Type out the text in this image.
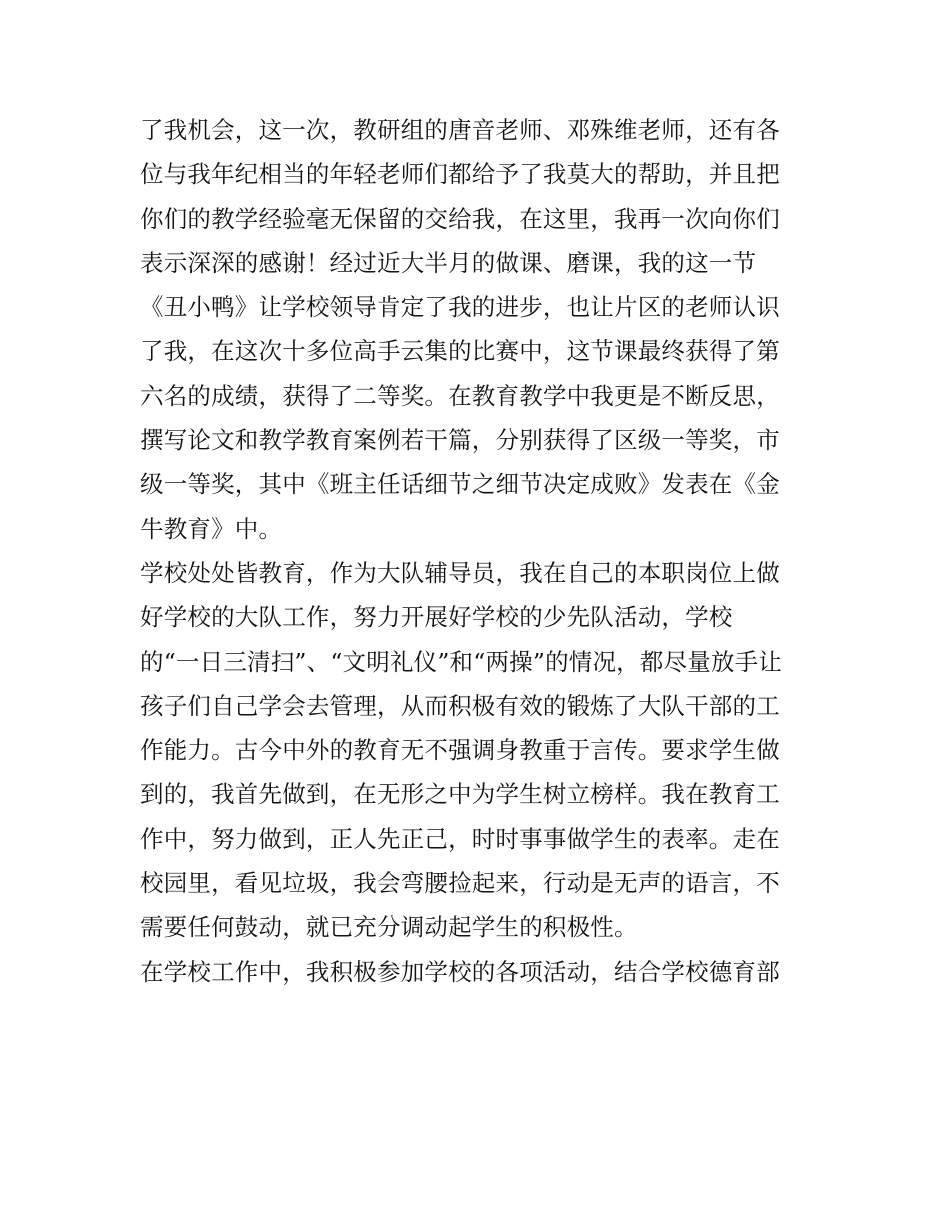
了我机会，这一次，教研组的唐音老师、邓殊维老师，还有各
位与我年纪相当的年轻老师们都给予了我莫大的帮助，并且把
你们的教学经验毫无保留的交给我，在这里，我再一次向你们
表示深深的感谢！经过近大半月的做课、磨课，我的这一节
《丑小鸭》让学校领导肯定了我的进步，也让片区的老师认识
了我，在这次十多位高手云集的比赛中，这节课最终获得了第
六名的成绩，获得了二等奖。在教育教学中我更是不断反思，
撰写论文和教学教育案例若干篇，分别获得了区级一等奖，市
级一等奖，其中《班主任话细节之细节决定成败》发表在《金
牛教育》中。
学校处处皆教育，作为大队辅导员，我在自己的本职岗位上做
好学校的大队工作，努力开展好学校的少先队活动，学校
的“一日三清扫”、“文明礼仪”和“两操”的情况，都尽量放手让
孩子们自己学会去管理，从而积极有效的锻炼了大队干部的工
作能力。古今中外的教育无不强调身教重于言传。要求学生做
到的，我首先做到，在无形之中为学生树立榜样。我在教育工
作中，努力做到，正人先正己，时时事事做学生的表率。走在
校园里，看见垃圾，我会弯腰捡起来，行动是无声的语言，不
需要任何鼓动，就已充分调动起学生的积极性。
在学校工作中，我积极参加学校的各项活动，结合学校德育部
